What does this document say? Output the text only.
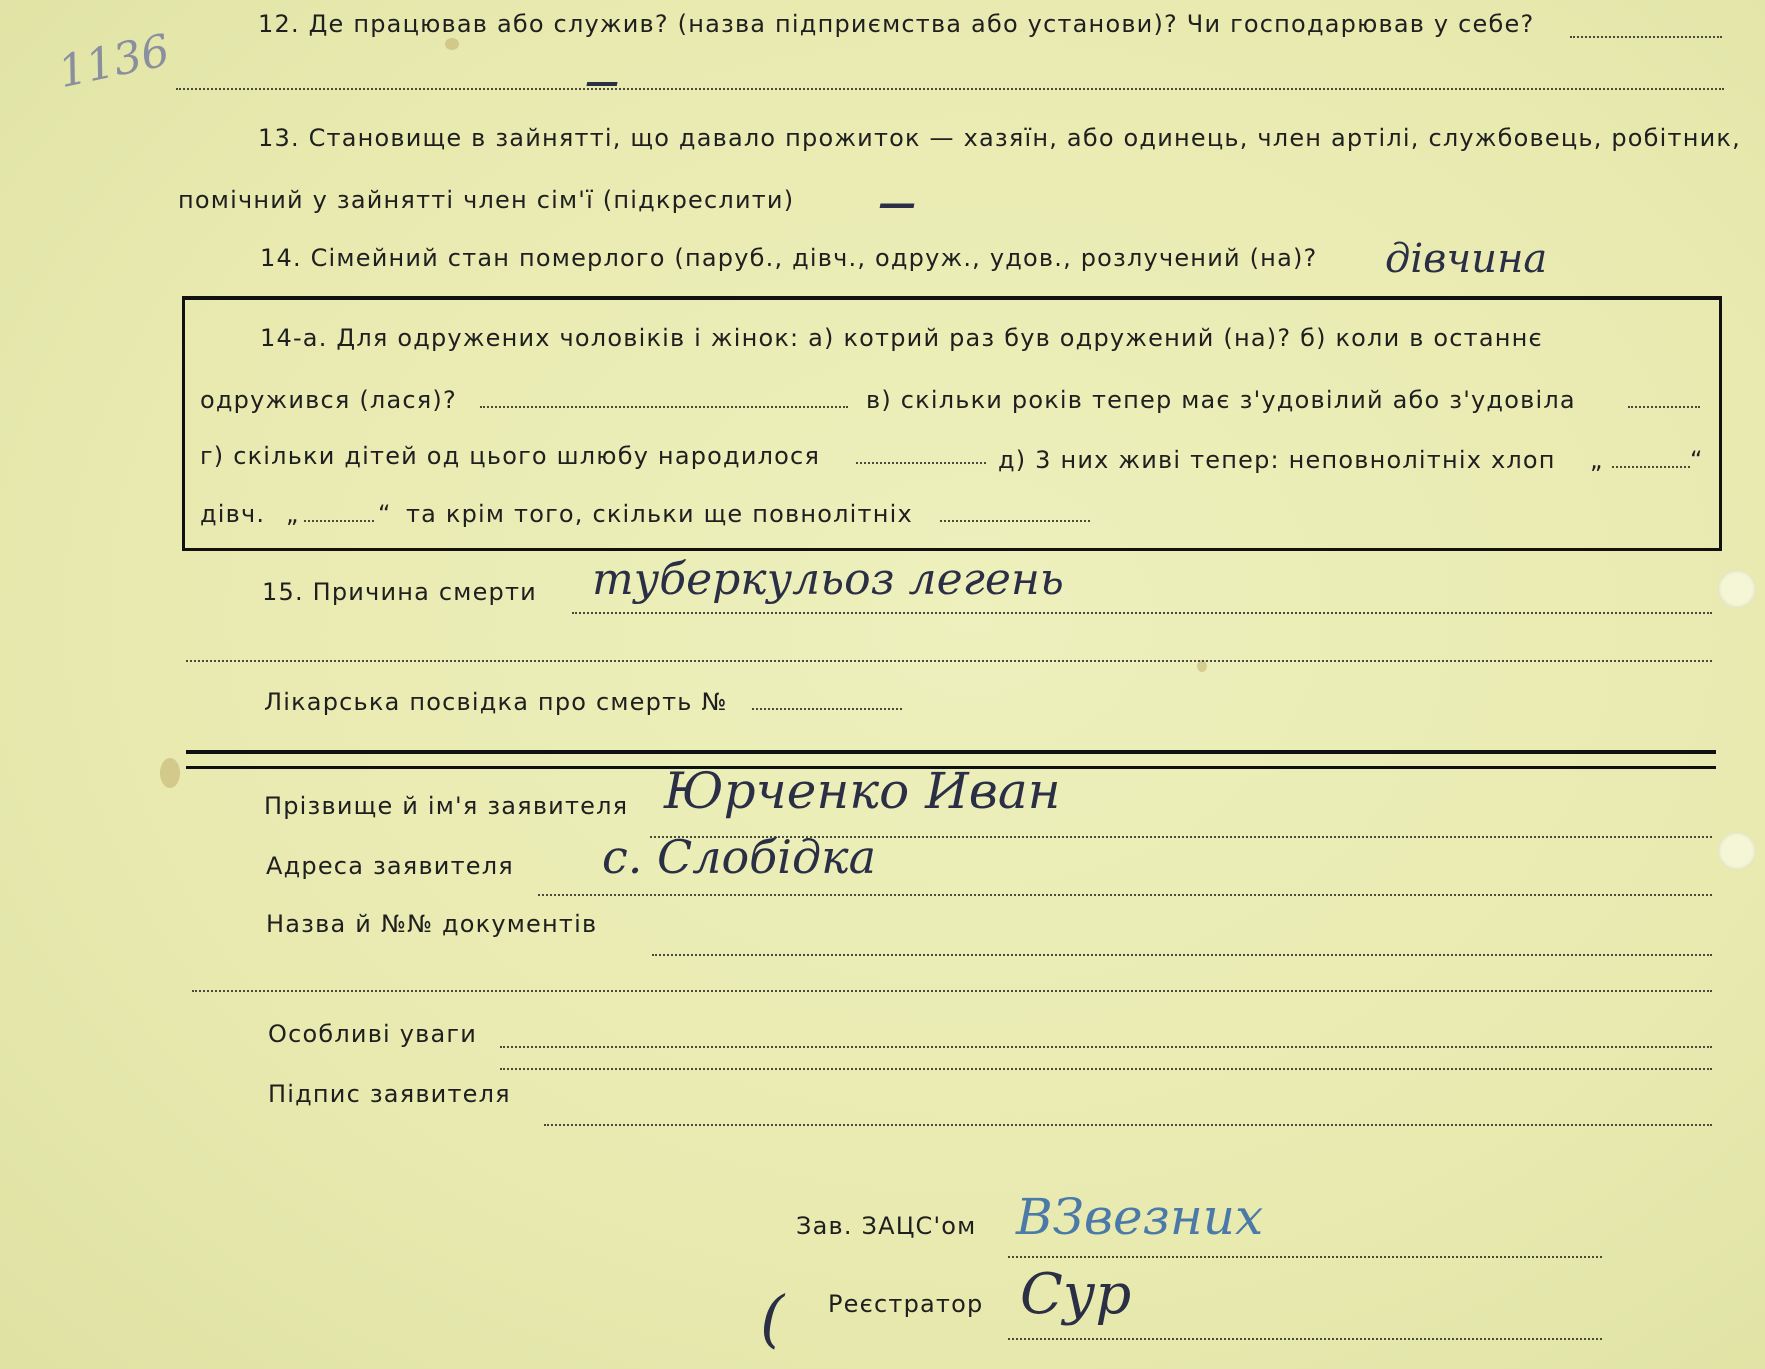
1136
12. Де працював або служив? (назва підприємства або установи)? Чи господарював у себе?
—
13. Становище в зайнятті, що давало прожиток — хазяїн, або одинець, член артілі, службовець, робітник,
помічний у зайнятті член сім'ї (підкреслити) —
14. Сімейний стан померлого (паруб., дівч., одруж., удов., розлучений (на)? дівчина
14-а. Для одружених чоловіків і жінок: а) котрий раз був одружений (на)? б) коли в останнє
одружився (лася)?	в) скільки років тепер має з'удовілий або з'удовіла
г) скільки дітей од цього шлюбу народилося	д) 3 них живі тепер: неповнолітніх хлоп „	“
дівч. „	“ та крім того, скільки ще повнолітніх
15. Причина смерти туберкульоз легень
Лікарська посвідка про смерть №
Прізвище й ім'я заявителя Юрченко Иван
Адреса заявителя с. Слобідка
Назва й №№ документів
Особливі уваги
Підпис заявителя
Зав. ЗАЦС'ом ВЗвезних
( Реєстратор Сур
